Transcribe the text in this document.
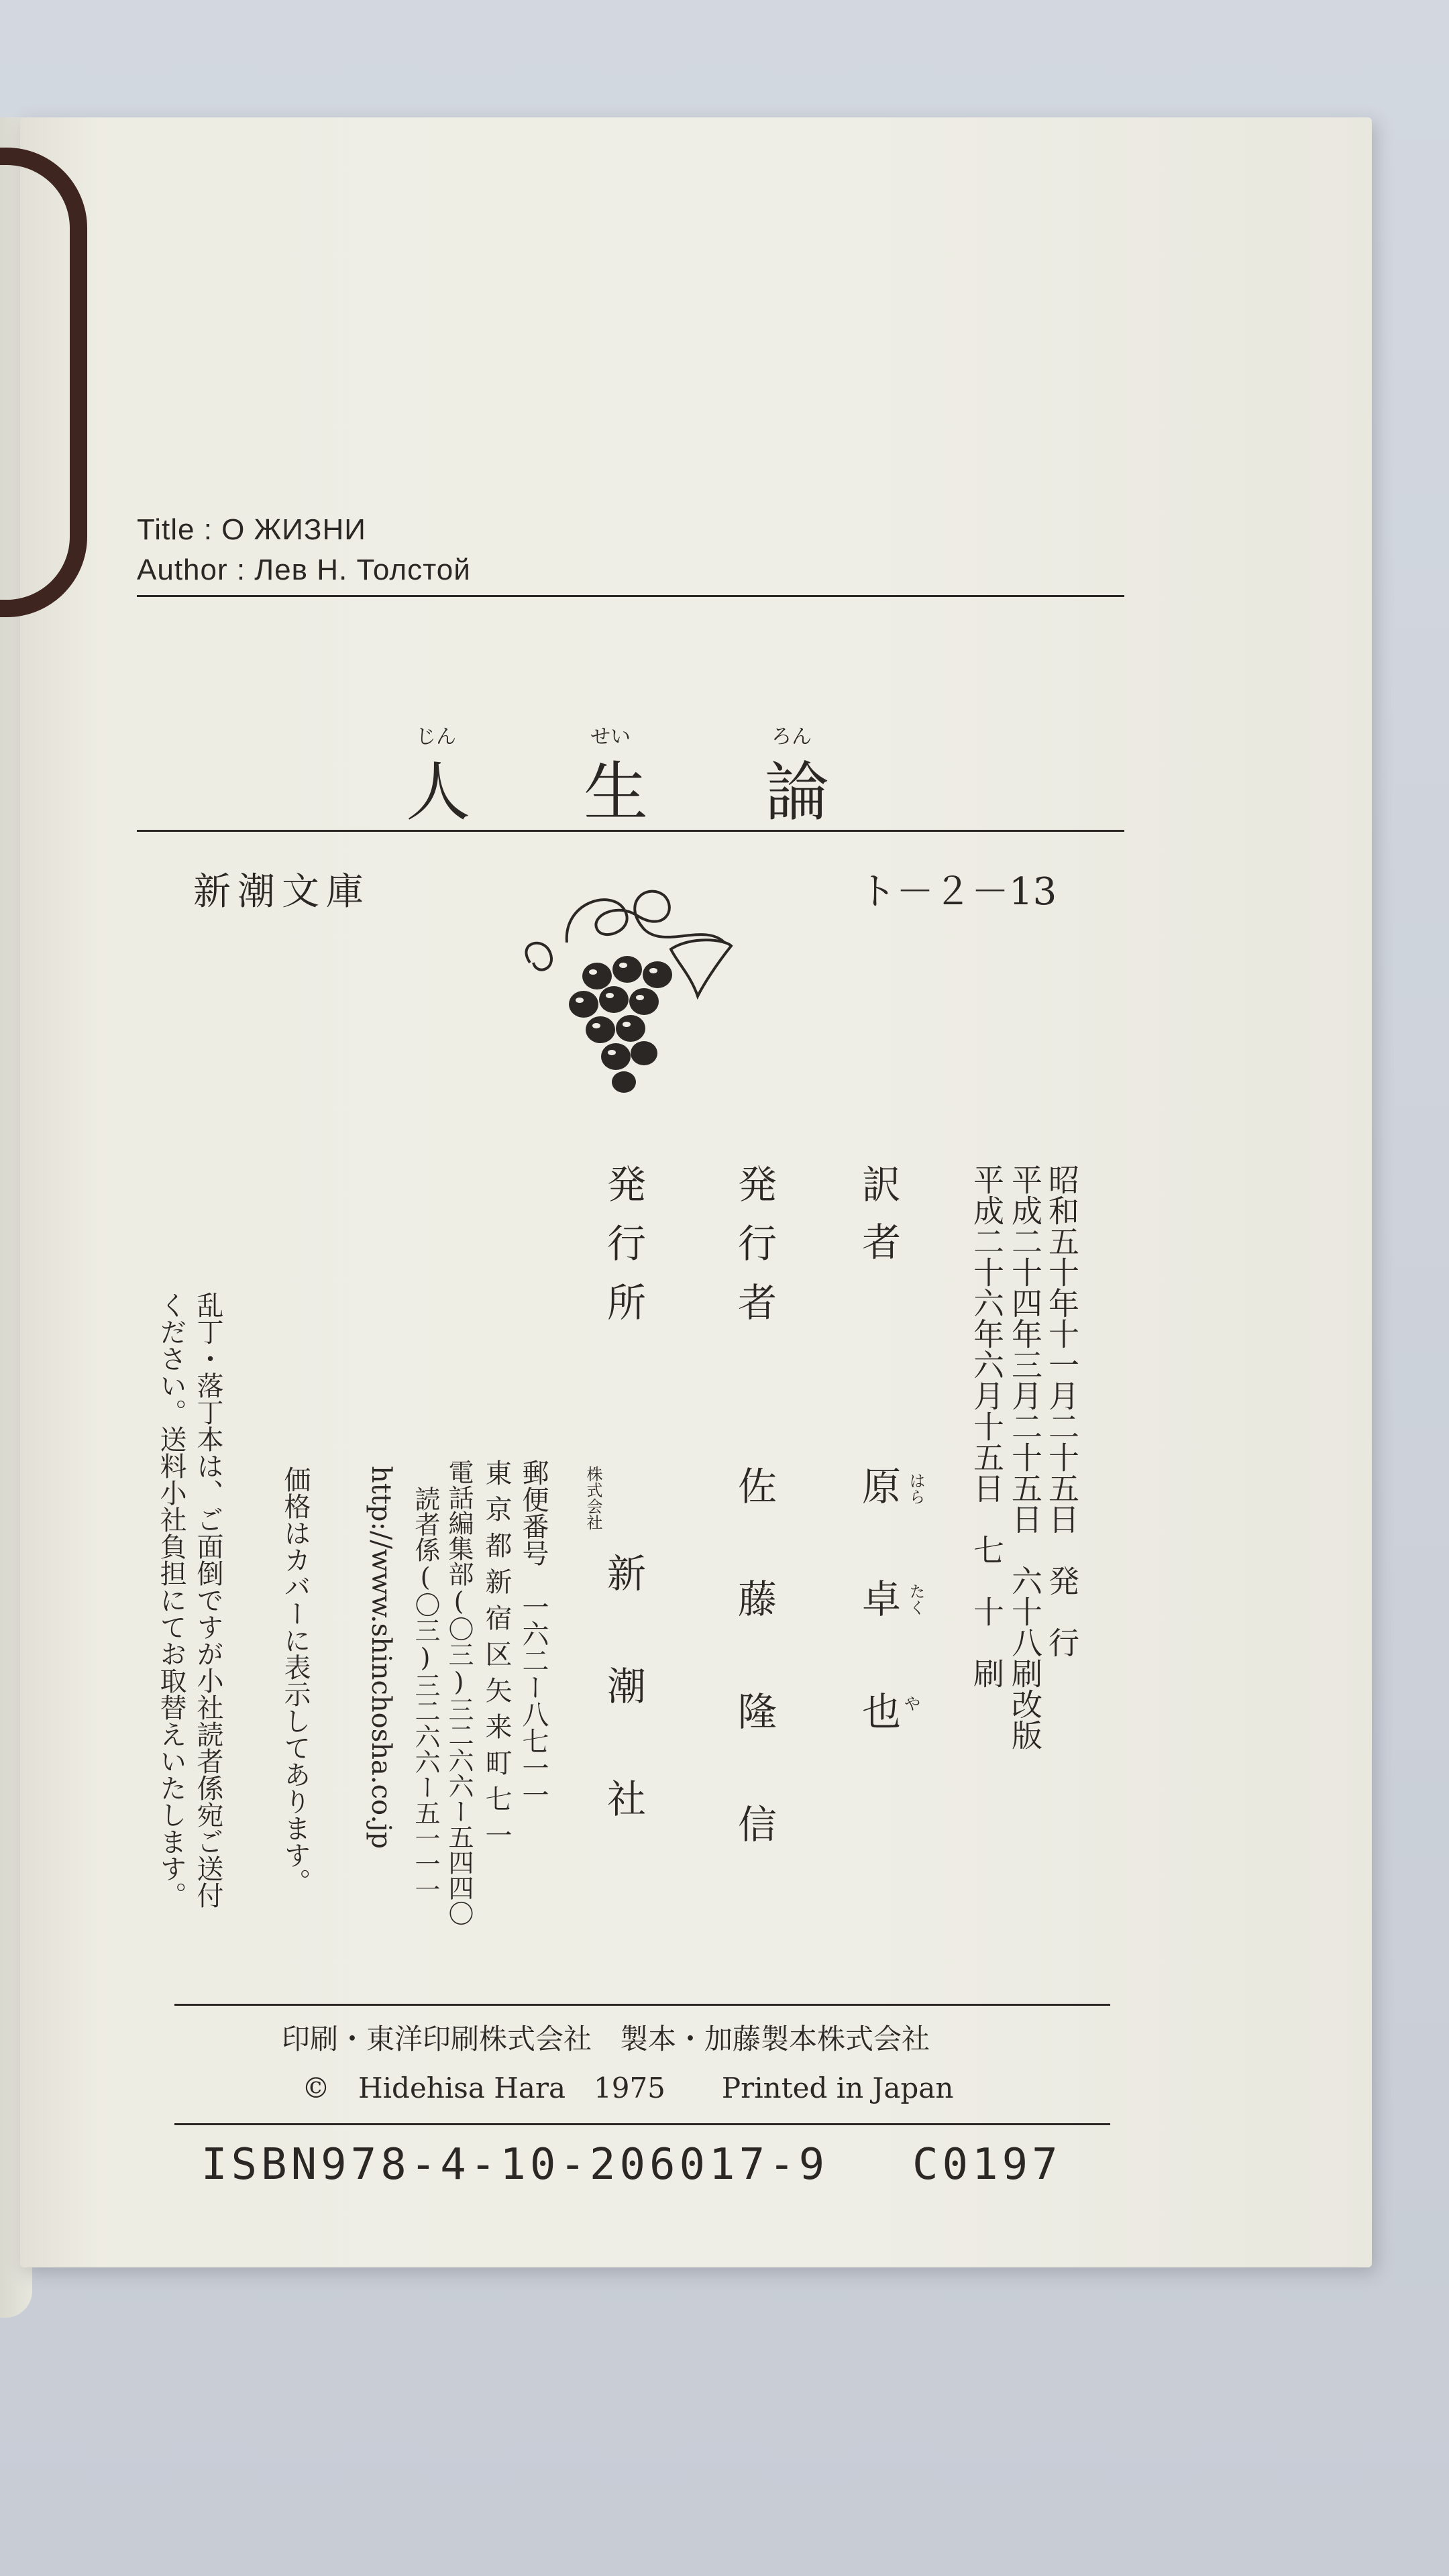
Title : О ЖИЗНИ
Author : Лев Н. Толстой
じん	せい	ろん
人 生 論
新潮文庫	ト－２－13
昭和五十年十一月二十五日　発　行
平成二十四年三月二十五日　六十八刷改版
平成二十六年六月十五日　七　十　刷
訳者
原卓也 はら
たく
や
発行者
佐藤隆信
発行所
株式会社
新潮社
郵便番号　一六二ー八七一一
東京都新宿区矢来町七一
電話編集部(〇三)三二六六ー五四四〇
読者係(〇三)三二六六ー五一一一
http://www.shinchosha.co.jp
価格はカバーに表示してあります。
乱丁・落丁本は、ご面倒ですが小社読者係宛ご送付
ください。送料小社負担にてお取替えいたします。
印刷・東洋印刷株式会社　製本・加藤製本株式会社
©　Hidehisa Hara　1975　　Printed in Japan
ISBN978-4-10-206017-9 C0197
